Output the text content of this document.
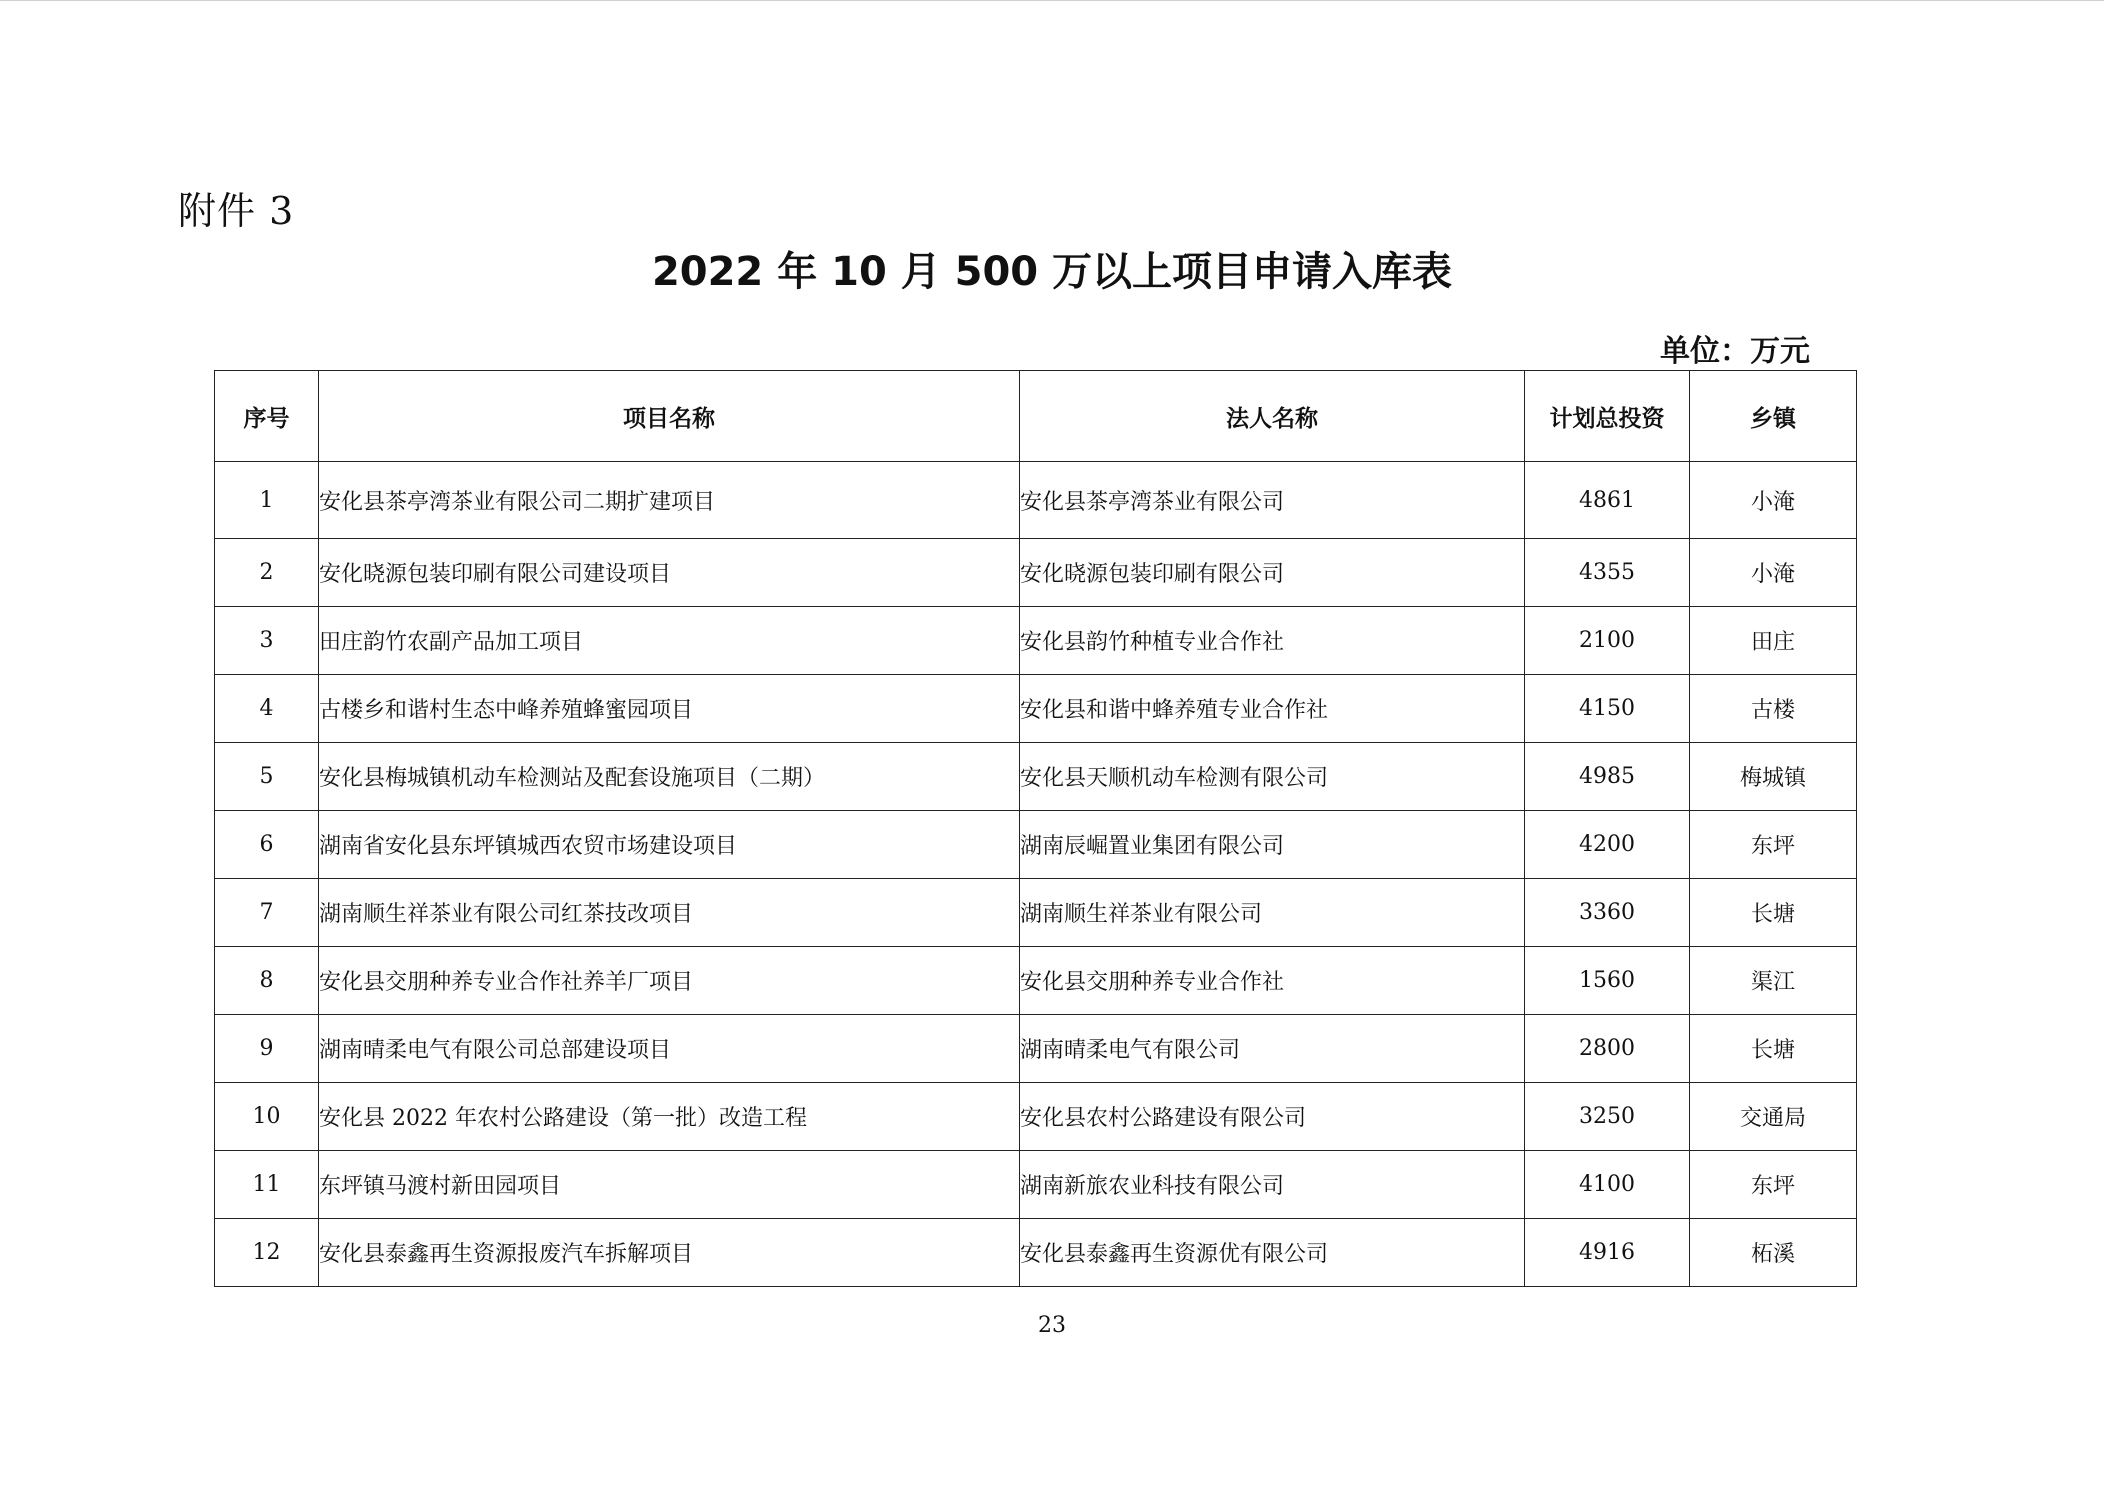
附件 3
2022 年 10 月 500 万以上项目申请入库表
单位：万元
序号	项目名称	法人名称	计划总投资	乡镇
1	安化县茶亭湾茶业有限公司二期扩建项目	安化县茶亭湾茶业有限公司	4861	小淹
2	安化晓源包装印刷有限公司建设项目	安化晓源包装印刷有限公司	4355	小淹
3	田庄韵竹农副产品加工项目	安化县韵竹种植专业合作社	2100	田庄
4	古楼乡和谐村生态中峰养殖蜂蜜园项目	安化县和谐中蜂养殖专业合作社	4150	古楼
5	安化县梅城镇机动车检测站及配套设施项目（二期）	安化县天顺机动车检测有限公司	4985	梅城镇
6	湖南省安化县东坪镇城西农贸市场建设项目	湖南辰崛置业集团有限公司	4200	东坪
7	湖南顺生祥茶业有限公司红茶技改项目	湖南顺生祥茶业有限公司	3360	长塘
8	安化县交朋种养专业合作社养羊厂项目	安化县交朋种养专业合作社	1560	渠江
9	湖南晴柔电气有限公司总部建设项目	湖南晴柔电气有限公司	2800	长塘
10	安化县 2022 年农村公路建设（第一批）改造工程	安化县农村公路建设有限公司	3250	交通局
11	东坪镇马渡村新田园项目	湖南新旅农业科技有限公司	4100	东坪
12	安化县泰鑫再生资源报废汽车拆解项目	安化县泰鑫再生资源优有限公司	4916	柘溪
23
